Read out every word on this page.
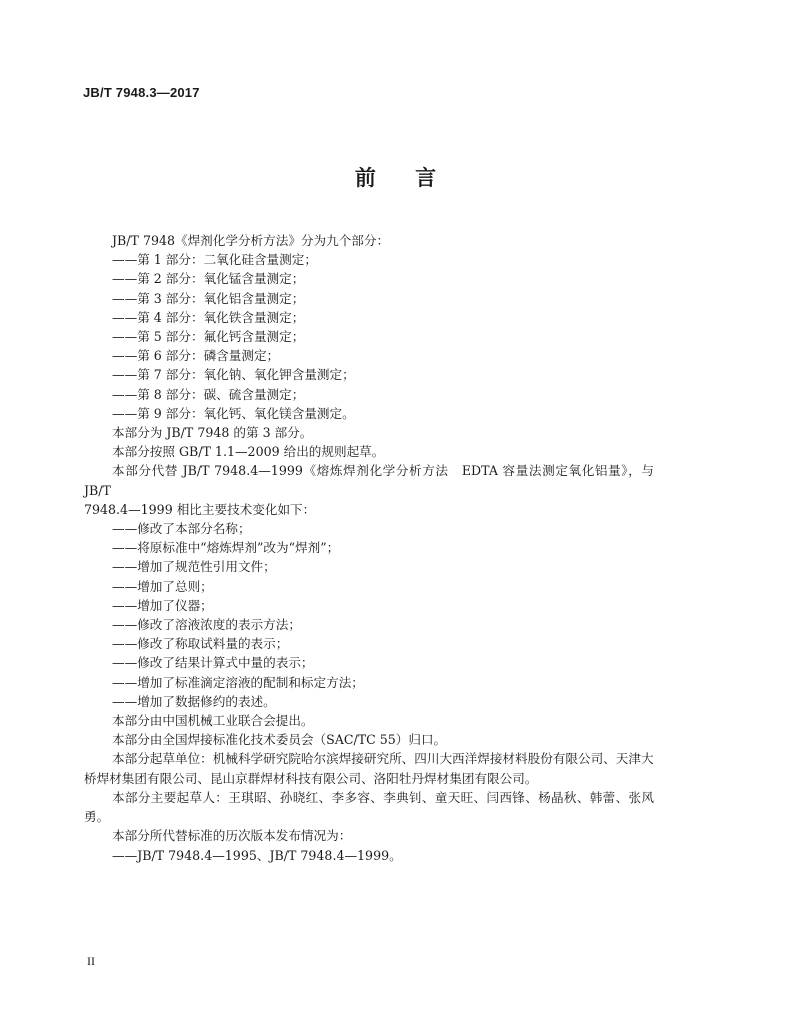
JB/T 7948.3—2017
前 言

JB/T 7948《焊剂化学分析方法》分为九个部分：

——第 1 部分：二氧化硅含量测定；

——第 2 部分：氧化锰含量测定；

——第 3 部分：氧化铝含量测定；

——第 4 部分：氧化铁含量测定；

——第 5 部分：氟化钙含量测定；

——第 6 部分：磷含量测定；

——第 7 部分：氧化钠、氧化钾含量测定；

——第 8 部分：碳、硫含量测定；

——第 9 部分：氧化钙、氧化镁含量测定。

本部分为 JB/T 7948 的第 3 部分。

本部分按照 GB/T 1.1—2009 给出的规则起草。

本部分代替 JB/T 7948.4—1999《熔炼焊剂化学分析方法　EDTA 容量法测定氧化铝量》，与 JB/T

7948.4—1999 相比主要技术变化如下：

——修改了本部分名称；

——将原标准中“熔炼焊剂”改为“焊剂”；

——增加了规范性引用文件；

——增加了总则；

——增加了仪器；

——修改了溶液浓度的表示方法；

——修改了称取试料量的表示；

——修改了结果计算式中量的表示；

——增加了标准滴定溶液的配制和标定方法；

——增加了数据修约的表述。

本部分由中国机械工业联合会提出。

本部分由全国焊接标准化技术委员会（SAC/TC 55）归口。

本部分起草单位：机械科学研究院哈尔滨焊接研究所、四川大西洋焊接材料股份有限公司、天津大

桥焊材集团有限公司、昆山京群焊材科技有限公司、洛阳牡丹焊材集团有限公司。

本部分主要起草人：王琪昭、孙晓红、李多容、李典钊、童天旺、闫西锋、杨晶秋、韩蕾、张风勇。

本部分所代替标准的历次版本发布情况为：

——JB/T 7948.4—1995、JB/T 7948.4—1999。

II
